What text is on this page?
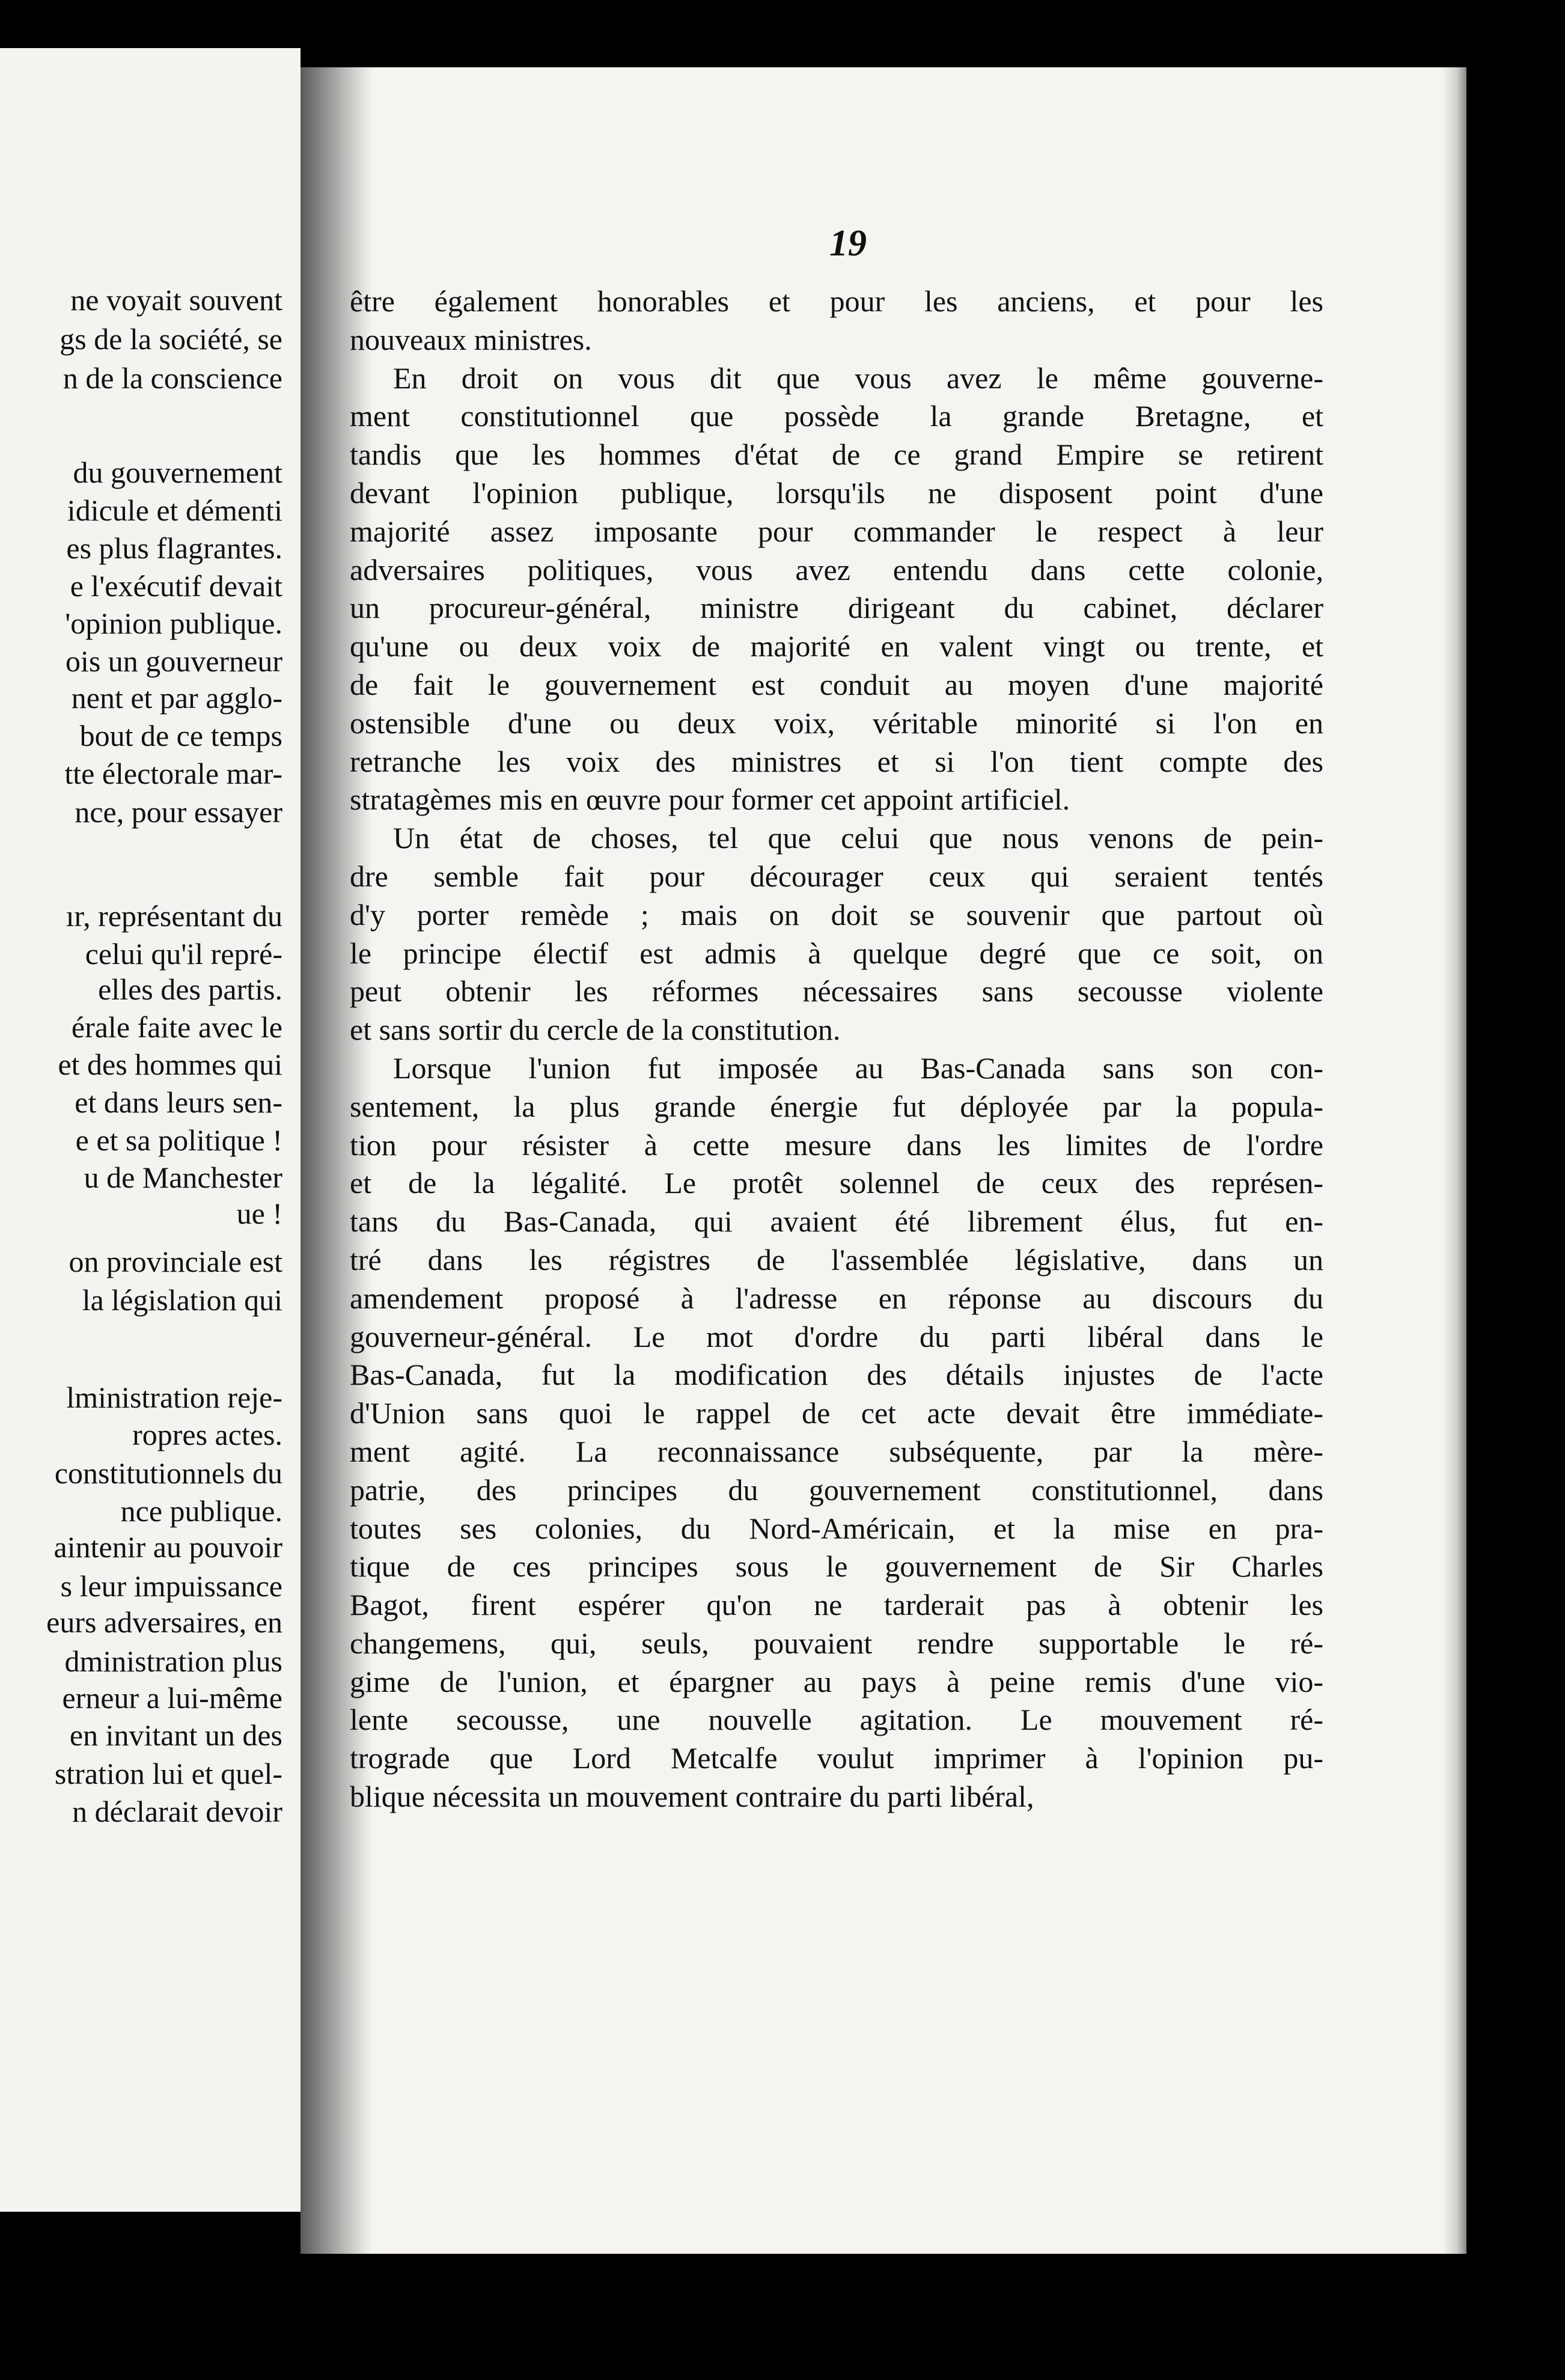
ne voyait souvent
gs de la société, se
n de la conscience
du gouvernement
idicule et démenti
es plus flagrantes.
e l'exécutif devait
'opinion publique.
ois un gouverneur
nent et par agglo-
bout de ce temps
tte électorale mar-
nce, pour essayer
ır, représentant du
celui qu'il repré-
elles des partis.
érale faite avec le
et des hommes qui
et dans leurs sen-
e et sa politique !
u de Manchester
ue !
on provinciale est
la législation qui
lministration reje-
ropres actes.
constitutionnels du
nce publique.
aintenir au pouvoir
s leur impuissance
eurs adversaires, en
dministration plus
erneur a lui-même
en invitant un des
stration lui et quel-
n déclarait devoir
19
être également honorables et pour les anciens, et pour les
nouveaux ministres.
En droit on vous dit que vous avez le même gouverne-
ment constitutionnel que possède la grande Bretagne, et
tandis que les hommes d'état de ce grand Empire se retirent
devant l'opinion publique, lorsqu'ils ne disposent point d'une
majorité assez imposante pour commander le respect à leur
adversaires politiques, vous avez entendu dans cette colonie,
un procureur-général, ministre dirigeant du cabinet, déclarer
qu'une ou deux voix de majorité en valent vingt ou trente, et
de fait le gouvernement est conduit au moyen d'une majorité
ostensible d'une ou deux voix, véritable minorité si l'on en
retranche les voix des ministres et si l'on tient compte des
stratagèmes mis en œuvre pour former cet appoint artificiel.
Un état de choses, tel que celui que nous venons de pein-
dre semble fait pour décourager ceux qui seraient tentés
d'y porter remède ; mais on doit se souvenir que partout où
le principe électif est admis à quelque degré que ce soit, on
peut obtenir les réformes nécessaires sans secousse violente
et sans sortir du cercle de la constitution.
Lorsque l'union fut imposée au Bas-Canada sans son con-
sentement, la plus grande énergie fut déployée par la popula-
tion pour résister à cette mesure dans les limites de l'ordre
et de la légalité. Le protêt solennel de ceux des représen-
tans du Bas-Canada, qui avaient été librement élus, fut en-
tré dans les régistres de l'assemblée législative, dans un
amendement proposé à l'adresse en réponse au discours du
gouverneur-général. Le mot d'ordre du parti libéral dans le
Bas-Canada, fut la modification des détails injustes de l'acte
d'Union sans quoi le rappel de cet acte devait être immédiate-
ment agité. La reconnaissance subséquente, par la mère-
patrie, des principes du gouvernement constitutionnel, dans
toutes ses colonies, du Nord-Américain, et la mise en pra-
tique de ces principes sous le gouvernement de Sir Charles
Bagot, firent espérer qu'on ne tarderait pas à obtenir les
changemens, qui, seuls, pouvaient rendre supportable le ré-
gime de l'union, et épargner au pays à peine remis d'une vio-
lente secousse, une nouvelle agitation. Le mouvement ré-
trograde que Lord Metcalfe voulut imprimer à l'opinion pu-
blique nécessita un mouvement contraire du parti libéral,
